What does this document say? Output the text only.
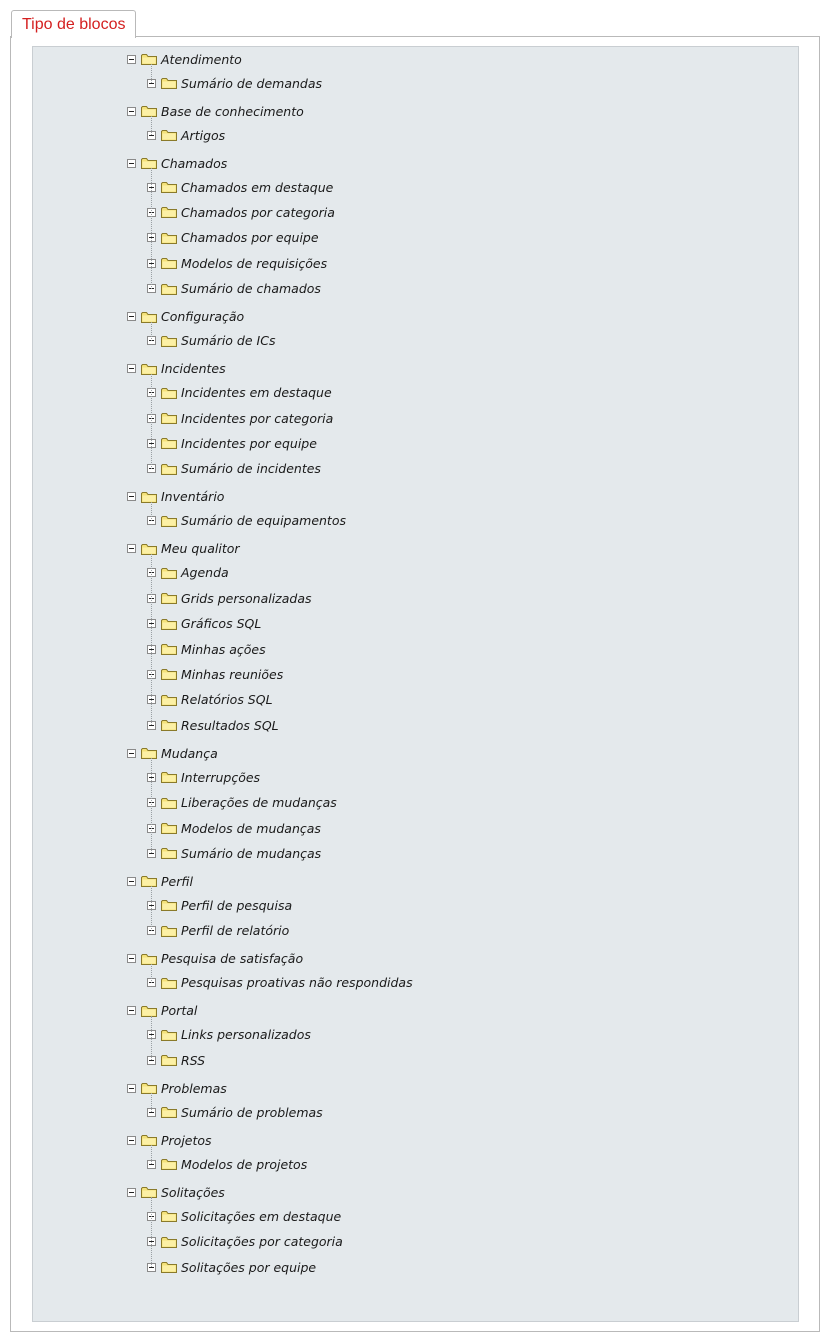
Tipo de blocos
Atendimento
Sumário de demandas
Base de conhecimento
Artigos
Chamados
Chamados em destaque
Chamados por categoria
Chamados por equipe
Modelos de requisições
Sumário de chamados
Configuração
Sumário de ICs
Incidentes
Incidentes em destaque
Incidentes por categoria
Incidentes por equipe
Sumário de incidentes
Inventário
Sumário de equipamentos
Meu qualitor
Agenda
Grids personalizadas
Gráficos SQL
Minhas ações
Minhas reuniões
Relatórios SQL
Resultados SQL
Mudança
Interrupções
Liberações de mudanças
Modelos de mudanças
Sumário de mudanças
Perfil
Perfil de pesquisa
Perfil de relatório
Pesquisa de satisfação
Pesquisas proativas não respondidas
Portal
Links personalizados
RSS
Problemas
Sumário de problemas
Projetos
Modelos de projetos
Solitações
Solicitações em destaque
Solicitações por categoria
Solitações por equipe
